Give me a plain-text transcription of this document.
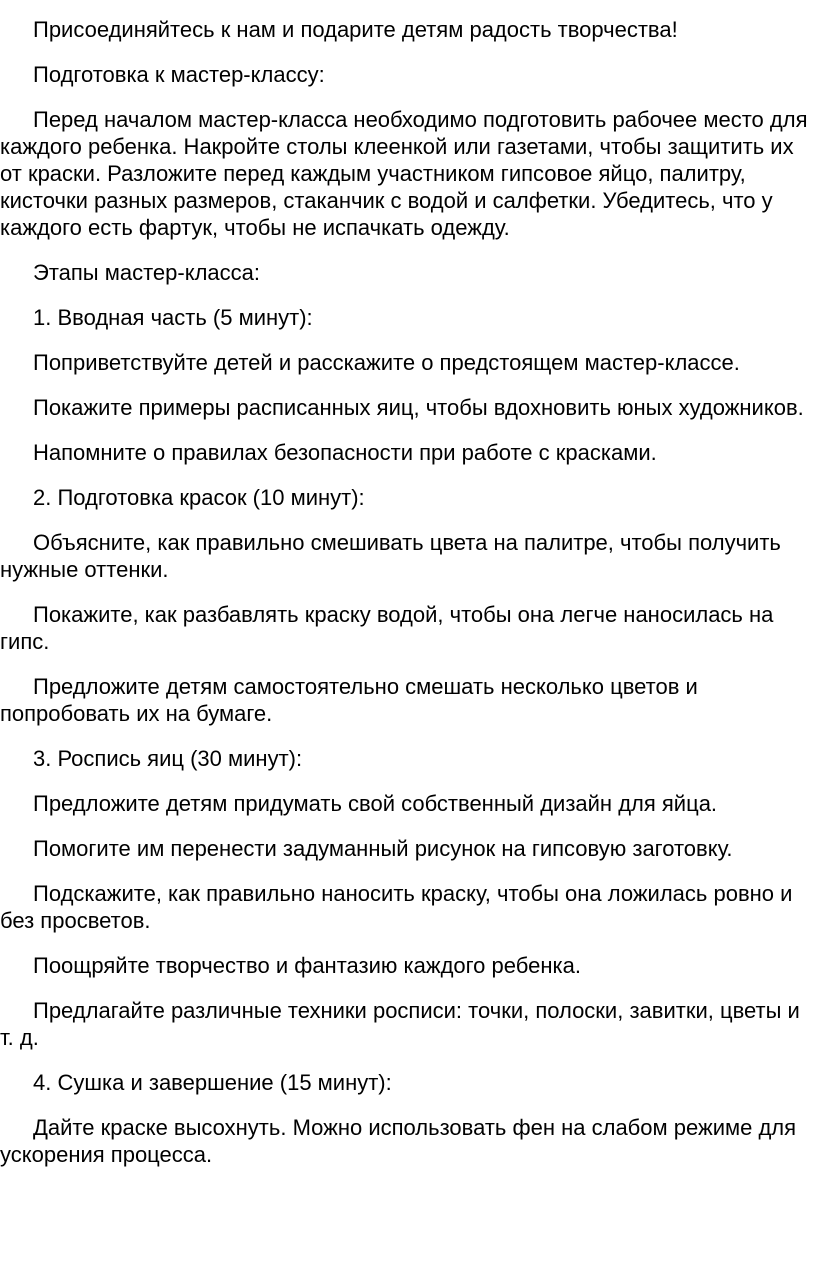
Присоединяйтесь к нам и подарите детям радость творчества!

Подготовка к мастер-классу:

Перед началом мастер-класса необходимо подготовить рабочее место для каждого ребенка. Накройте столы клеенкой или газетами, чтобы защитить их от краски. Разложите перед каждым участником гипсовое яйцо, палитру, кисточки разных размеров, стаканчик с водой и салфетки. Убедитесь, что у каждого есть фартук, чтобы не испачкать одежду.

Этапы мастер-класса:

1. Вводная часть (5 минут):

Поприветствуйте детей и расскажите о предстоящем мастер-классе.

Покажите примеры расписанных яиц, чтобы вдохновить юных художников.

Напомните о правилах безопасности при работе с красками.

2. Подготовка красок (10 минут):

Объясните, как правильно смешивать цвета на палитре, чтобы получить нужные оттенки.

Покажите, как разбавлять краску водой, чтобы она легче наносилась на гипс.

Предложите детям самостоятельно смешать несколько цветов и попробовать их на бумаге.

3. Роспись яиц (30 минут):

Предложите детям придумать свой собственный дизайн для яйца.

Помогите им перенести задуманный рисунок на гипсовую заготовку.

Подскажите, как правильно наносить краску, чтобы она ложилась ровно и без просветов.

Поощряйте творчество и фантазию каждого ребенка.

Предлагайте различные техники росписи: точки, полоски, завитки, цветы и т. д.

4. Сушка и завершение (15 минут):

Дайте краске высохнуть. Можно использовать фен на слабом режиме для ускорения процесса.
